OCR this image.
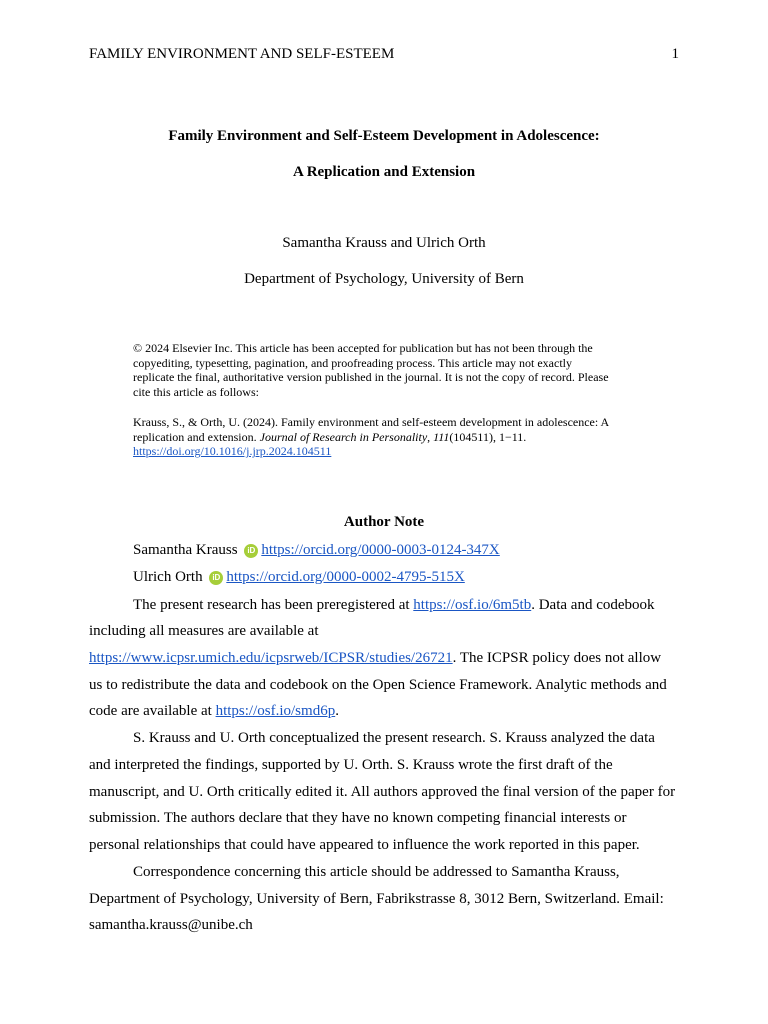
FAMILY ENVIRONMENT AND SELF-ESTEEM	1
Family Environment and Self-Esteem Development in Adolescence:
A Replication and Extension
Samantha Krauss and Ulrich Orth
Department of Psychology, University of Bern

© 2024 Elsevier Inc. This article has been accepted for publication but has not been through the

copyediting, typesetting, pagination, and proofreading process. This article may not exactly

replicate the final, authoritative version published in the journal. It is not the copy of record. Please

cite this article as follows:

Krauss, S., & Orth, U. (2024). Family environment and self-esteem development in adolescence: A

replication and extension. Journal of Research in Personality, 111(104511), 1−11.

https://doi.org/10.1016/j.jrp.2024.104511

Author Note
Samantha Krauss iD https://orcid.org/0000-0003-0124-347X
Ulrich Orth iD https://orcid.org/0000-0002-4795-515X
The present research has been preregistered at https://osf.io/6m5tb. Data and codebook
including all measures are available at
https://www.icpsr.umich.edu/icpsrweb/ICPSR/studies/26721. The ICPSR policy does not allow
us to redistribute the data and codebook on the Open Science Framework. Analytic methods and
code are available at https://osf.io/smd6p.
S. Krauss and U. Orth conceptualized the present research. S. Krauss analyzed the data
and interpreted the findings, supported by U. Orth. S. Krauss wrote the first draft of the
manuscript, and U. Orth critically edited it. All authors approved the final version of the paper for
submission. The authors declare that they have no known competing financial interests or
personal relationships that could have appeared to influence the work reported in this paper.
Correspondence concerning this article should be addressed to Samantha Krauss,
Department of Psychology, University of Bern, Fabrikstrasse 8, 3012 Bern, Switzerland. Email:
samantha.krauss@unibe.ch
